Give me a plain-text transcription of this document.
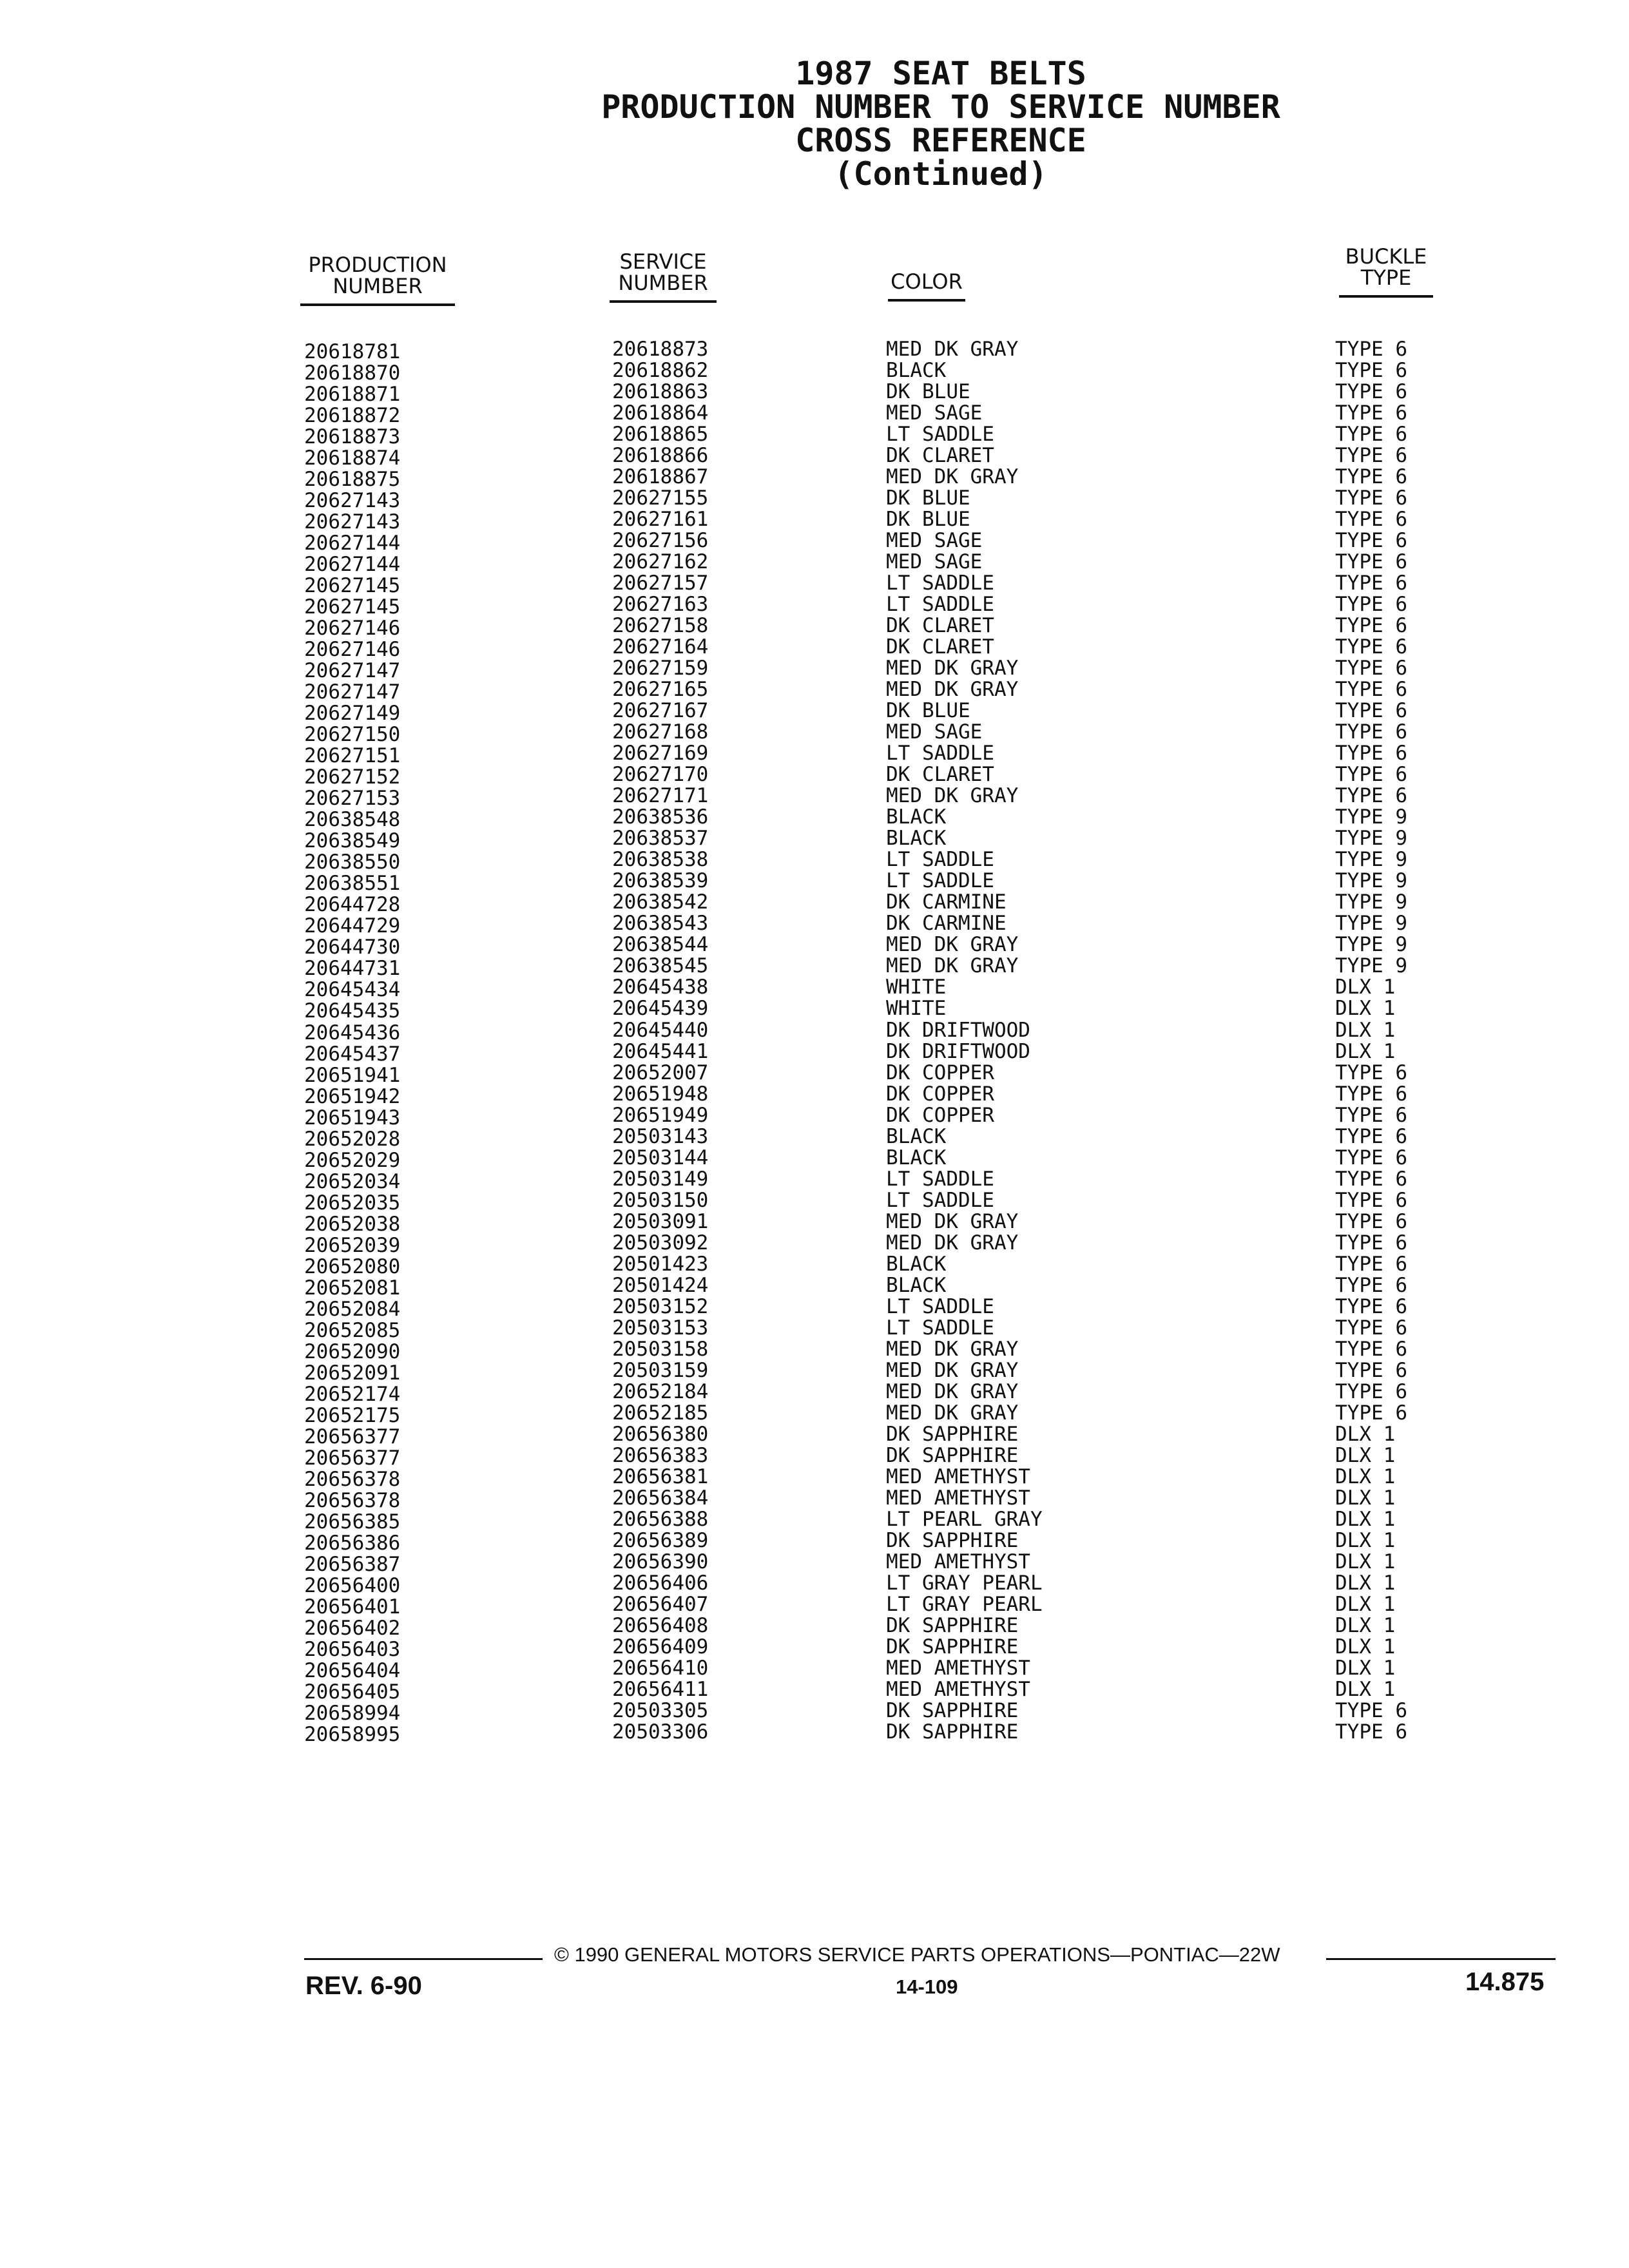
1987 SEAT BELTS
PRODUCTION NUMBER TO SERVICE NUMBER
CROSS REFERENCE
(Continued)
PRODUCTION
NUMBER
SERVICE
NUMBER	COLOR
BUCKLE
TYPE
20618781	20618873	MED DK GRAY	TYPE 6
20618870	20618862	BLACK	TYPE 6
20618871	20618863	DK BLUE	TYPE 6
20618872	20618864	MED SAGE	TYPE 6
20618873	20618865	LT SADDLE	TYPE 6
20618874	20618866	DK CLARET	TYPE 6
20618875	20618867	MED DK GRAY	TYPE 6
20627143	20627155	DK BLUE	TYPE 6
20627143	20627161	DK BLUE	TYPE 6
20627144	20627156	MED SAGE	TYPE 6
20627144	20627162	MED SAGE	TYPE 6
20627145	20627157	LT SADDLE	TYPE 6
20627145	20627163	LT SADDLE	TYPE 6
20627146	20627158	DK CLARET	TYPE 6
20627146	20627164	DK CLARET	TYPE 6
20627147	20627159	MED DK GRAY	TYPE 6
20627147	20627165	MED DK GRAY	TYPE 6
20627149	20627167	DK BLUE	TYPE 6
20627150	20627168	MED SAGE	TYPE 6
20627151	20627169	LT SADDLE	TYPE 6
20627152	20627170	DK CLARET	TYPE 6
20627153	20627171	MED DK GRAY	TYPE 6
20638548	20638536	BLACK	TYPE 9
20638549	20638537	BLACK	TYPE 9
20638550	20638538	LT SADDLE	TYPE 9
20638551	20638539	LT SADDLE	TYPE 9
20644728	20638542	DK CARMINE	TYPE 9
20644729	20638543	DK CARMINE	TYPE 9
20644730	20638544	MED DK GRAY	TYPE 9
20644731	20638545	MED DK GRAY	TYPE 9
20645434	20645438	WHITE	DLX 1
20645435	20645439	WHITE	DLX 1
20645436	20645440	DK DRIFTWOOD	DLX 1
20645437	20645441	DK DRIFTWOOD	DLX 1
20651941	20652007	DK COPPER	TYPE 6
20651942	20651948	DK COPPER	TYPE 6
20651943	20651949	DK COPPER	TYPE 6
20652028	20503143	BLACK	TYPE 6
20652029	20503144	BLACK	TYPE 6
20652034	20503149	LT SADDLE	TYPE 6
20652035	20503150	LT SADDLE	TYPE 6
20652038	20503091	MED DK GRAY	TYPE 6
20652039	20503092	MED DK GRAY	TYPE 6
20652080	20501423	BLACK	TYPE 6
20652081	20501424	BLACK	TYPE 6
20652084	20503152	LT SADDLE	TYPE 6
20652085	20503153	LT SADDLE	TYPE 6
20652090	20503158	MED DK GRAY	TYPE 6
20652091	20503159	MED DK GRAY	TYPE 6
20652174	20652184	MED DK GRAY	TYPE 6
20652175	20652185	MED DK GRAY	TYPE 6
20656377	20656380	DK SAPPHIRE	DLX 1
20656377	20656383	DK SAPPHIRE	DLX 1
20656378	20656381	MED AMETHYST	DLX 1
20656378	20656384	MED AMETHYST	DLX 1
20656385	20656388	LT PEARL GRAY	DLX 1
20656386	20656389	DK SAPPHIRE	DLX 1
20656387	20656390	MED AMETHYST	DLX 1
20656400	20656406	LT GRAY PEARL	DLX 1
20656401	20656407	LT GRAY PEARL	DLX 1
20656402	20656408	DK SAPPHIRE	DLX 1
20656403	20656409	DK SAPPHIRE	DLX 1
20656404	20656410	MED AMETHYST	DLX 1
20656405	20656411	MED AMETHYST	DLX 1
20658994	20503305	DK SAPPHIRE	TYPE 6
20658995	20503306	DK SAPPHIRE	TYPE 6
© 1990 GENERAL MOTORS SERVICE PARTS OPERATIONS—PONTIAC—22W
REV. 6-90	14-109	14.875
